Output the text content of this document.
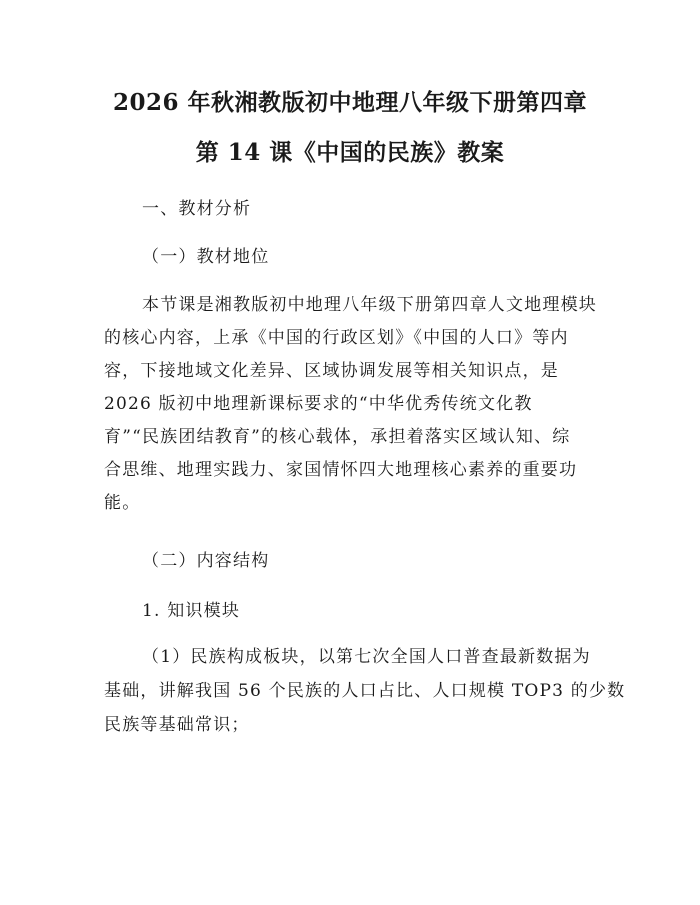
2026 年秋湘教版初中地理八年级下册第四章
第 14 课《中国的民族》教案
一、教材分析
（一）教材地位
本节课是湘教版初中地理八年级下册第四章人文地理模块
的核心内容，上承《中国的行政区划》《中国的人口》等内
容，下接地域文化差异、区域协调发展等相关知识点，是
2026 版初中地理新课标要求的“中华优秀传统文化教
育”“民族团结教育”的核心载体，承担着落实区域认知、综
合思维、地理实践力、家国情怀四大地理核心素养的重要功
能。
（二）内容结构
1. 知识模块
（1）民族构成板块，以第七次全国人口普查最新数据为
基础，讲解我国 56 个民族的人口占比、人口规模 TOP3 的少数
民族等基础常识；
